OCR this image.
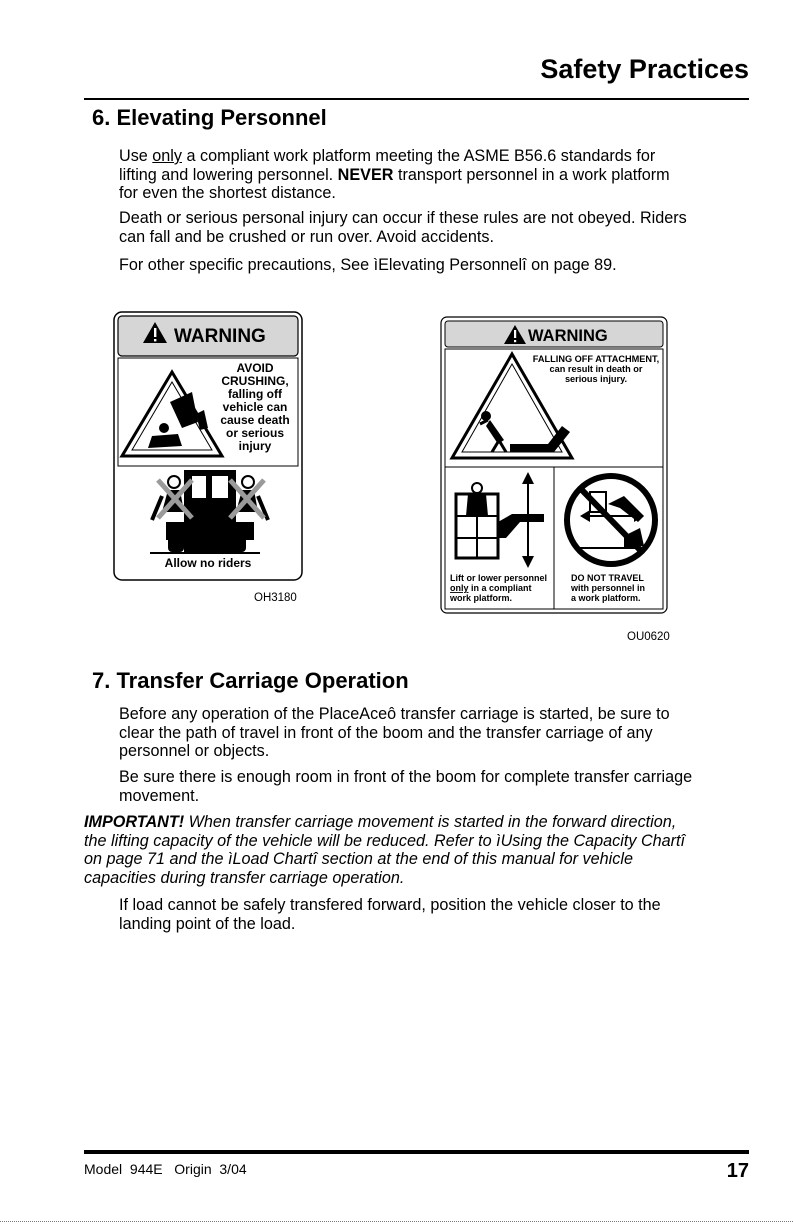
Safety Practices
6. Elevating Personnel

Use only a compliant work platform meeting the ASME B56.6 standards for

lifting and lowering personnel. NEVER transport personnel in a work platform

for even the shortest distance.

Death or serious personal injury can occur if these rules are not obeyed. Riders

can fall and be crushed or run over. Avoid accidents.

For other specific precautions, See ìElevating Personnelî on page 89.

WARNING
AVOID
CRUSHING,
falling off
vehicle can
cause death
or serious
injury
Allow no riders
OH3180
WARNING
FALLING OFF ATTACHMENT,
can result in death or
serious injury.
Lift or lower personnel
only in a compliant
work platform.
DO NOT TRAVEL
with personnel in
a work platform.
OU0620
7. Transfer Carriage Operation

Before any operation of the PlaceAceô transfer carriage is started, be sure to

clear the path of travel in front of the boom and the transfer carriage of any

personnel or objects.

Be sure there is enough room in front of the boom for complete transfer carriage

movement.

IMPORTANT! When transfer carriage movement is started in the forward direction,

the lifting capacity of the vehicle will be reduced. Refer to ìUsing the Capacity Chartî

on page 71 and the ìLoad Chartî section at the end of this manual for vehicle

capacities during transfer carriage operation.

If load cannot be safely transfered forward, position the vehicle closer to the

landing point of the load.

Model  944E   Origin  3/04	17
